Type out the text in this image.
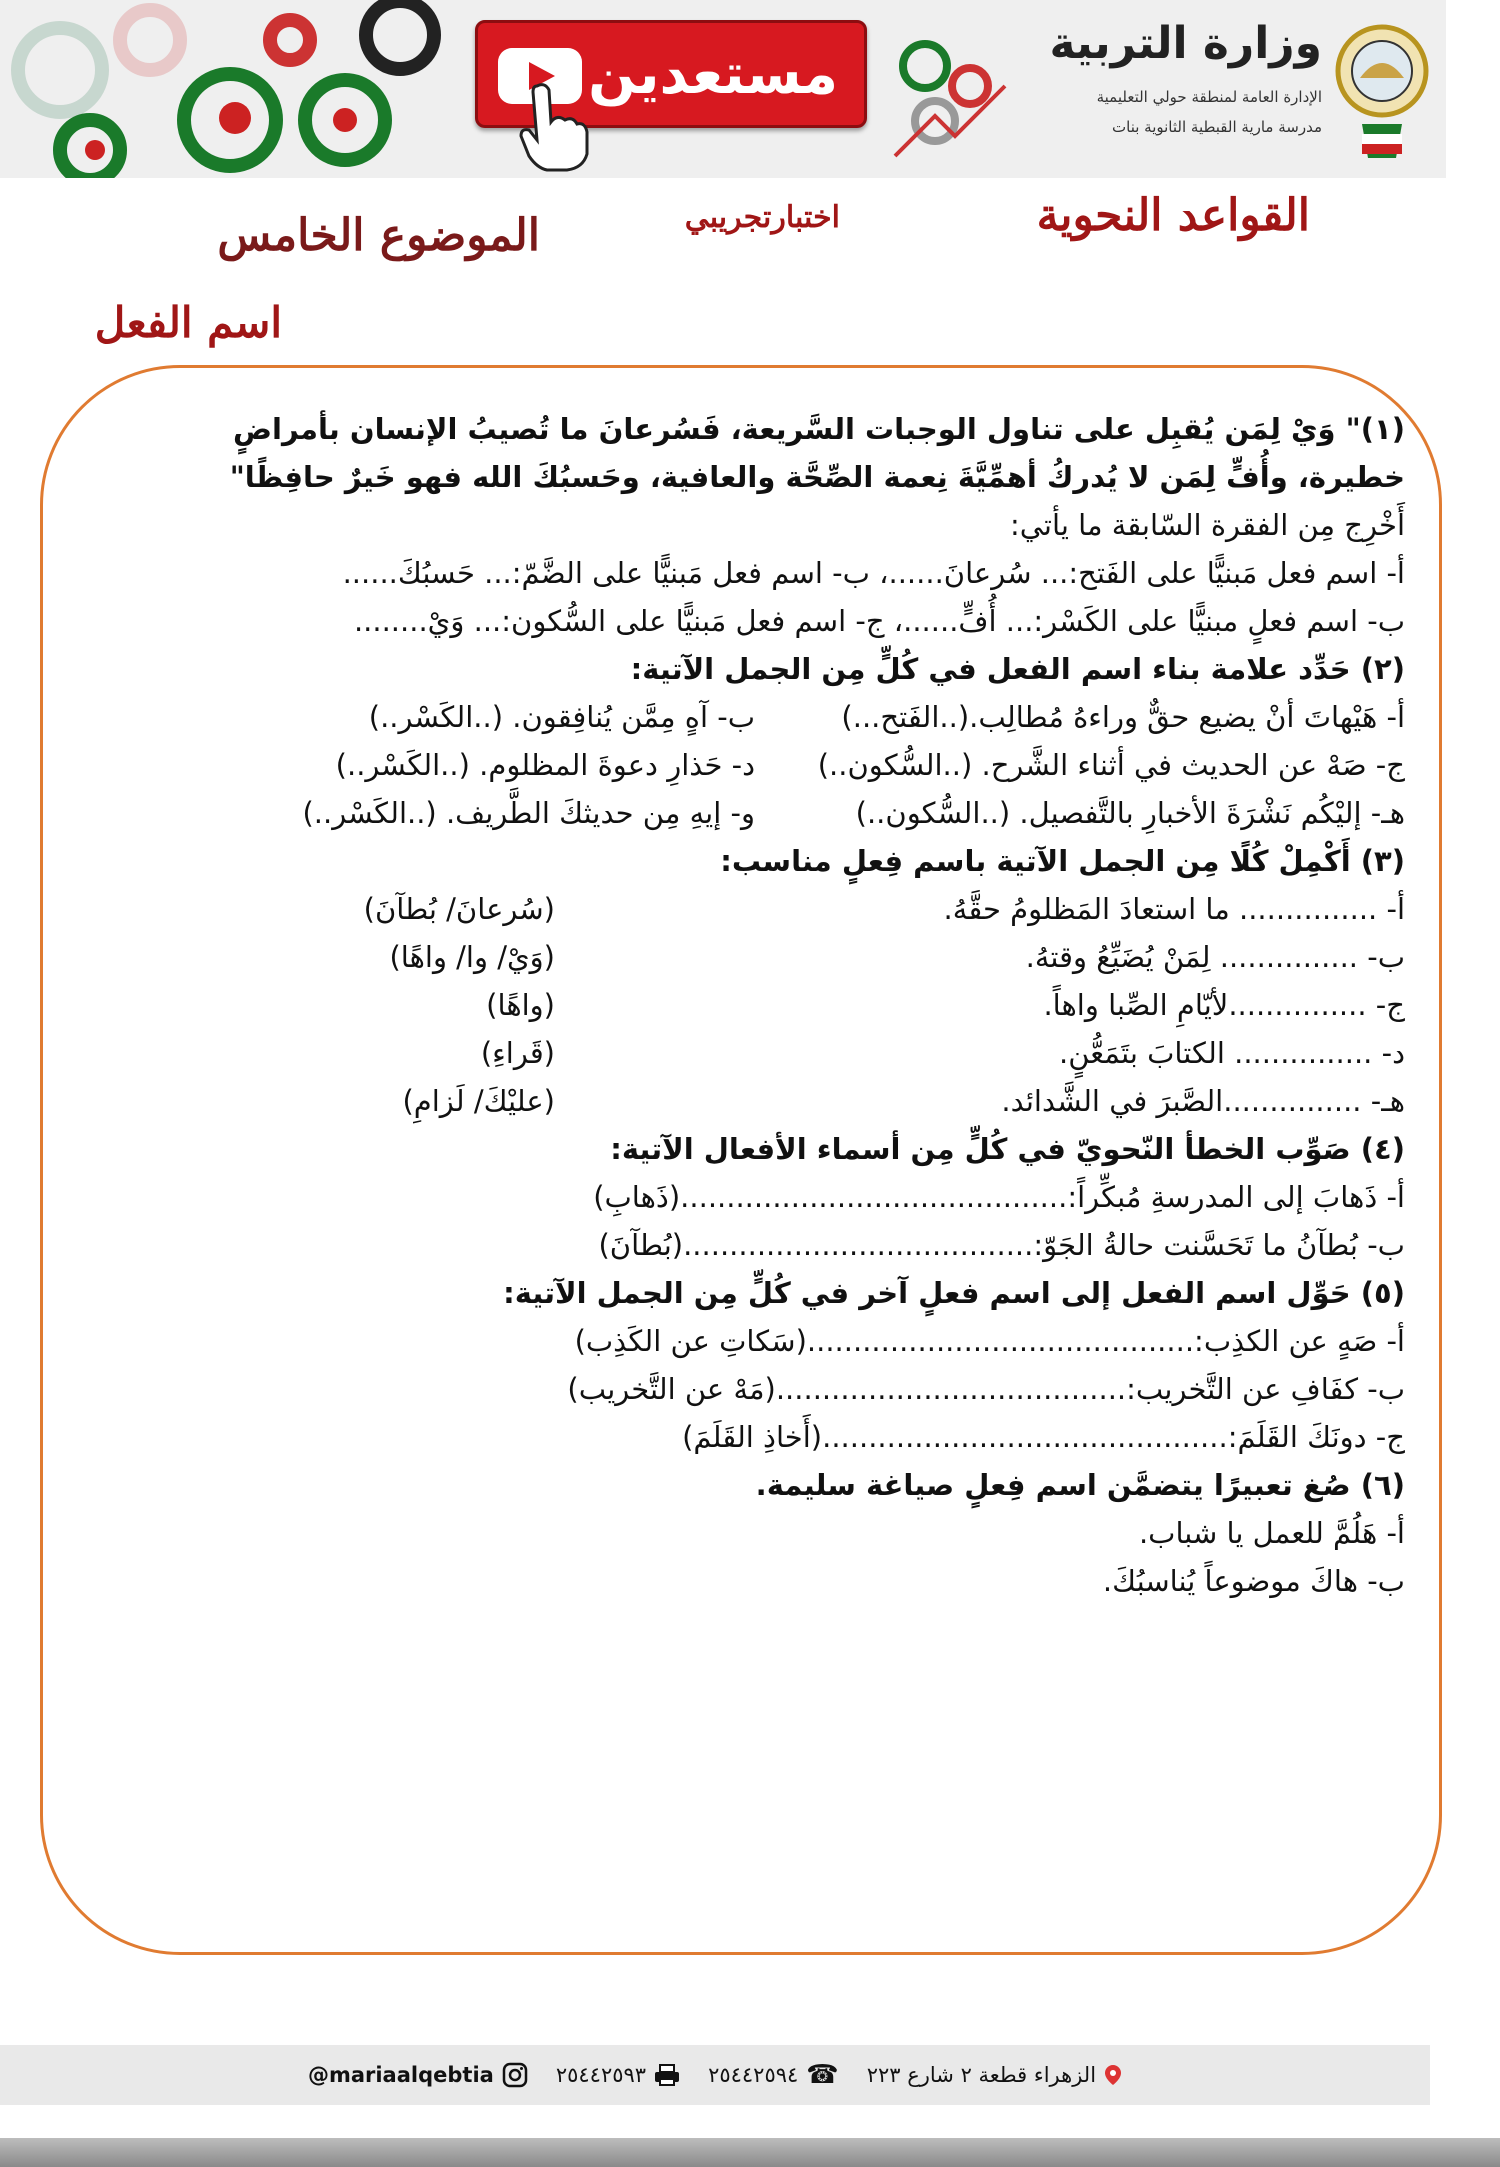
مستعدين	وزارة التربية
الإدارة العامة لمنطقة حولي التعليمية
مدرسة مارية القبطية الثانوية بنات
القواعد النحوية
اختبارتجريبي
الموضوع الخامس
اسم الفعل
(١)" وَيْ لِمَن يُقبِل على تناول الوجبات السَّريعة، فَسُرعانَ ما تُصيبُ الإنسان بأمراضٍ
خطيرة، وأُفٍّ لِمَن لا يُدركُ أهمِّيَّةَ نِعمة الصِّحَّة والعافية، وحَسبُكَ الله فهو خَيرٌ حافِظًا"
أَخْرِج مِن الفقرة السّابقة ما يأتي:
أ- اسم فعل مَبنيًّا على الفَتح:... سُرعانَ......، ب- اسم فعل مَبنيًّا على الضَّمّ:... حَسبُكَ......
ب- اسم فعلٍ مبنيًّا على الكَسْر:... أُفٍّ......، ج- اسم فعل مَبنيًّا على السُّكون:... وَيْ........
(٢) حَدِّد علامة بناء اسم الفعل في كُلٍّ مِن الجمل الآتية:
أ- هَيْهاتَ أنْ يضيع حقٌّ وراءهُ مُطالِب.(..الفَتح...)
ب- آهٍ مِمَّن يُنافِقون. (..الكَسْر..)
ج- صَهْ عن الحديث في أثناء الشَّرح. (..السُّكون..)
د- حَذارِ دعوةَ المظلوم. (..الكَسْر..)
هـ- إليْكُم نَشْرَةَ الأخبارِ بالتَّفصيل. (..السُّكون..)
و- إيهِ مِن حديثكَ الطَّريف. (..الكَسْر..)
(٣) أَكْمِلْ كُلًا مِن الجمل الآتية باسم فِعلٍ مناسب:
أ- ............... ما استعادَ المَظلومُ حقَّهُ.
(سُرعانَ/ بُطآنَ)
ب- ............... لِمَنْ يُضَيِّعُ وقتهُ.
(وَيْ/ وا/ واهًا)
ج- ...............لأيّامِ الصِّبا واهاً.
(واهًا)
د- ............... الكتابَ بتَمَعُّنٍ.
(قَراءِ)
هـ- ...............الصَّبرَ في الشَّدائد.
(عليْكَ/ لَزامِ)
(٤) صَوِّب الخطأ النّحويّ في كُلٍّ مِن أسماء الأفعال الآتية:
أ- ذَهابَ إلى المدرسةِ مُبكِّراً:..........................................(ذَهابِ)
ب- بُطآنُ ما تَحَسَّنت حالةُ الجَوّ:......................................(بُطآنَ)
(٥) حَوِّل اسم الفعل إلى اسم فعلٍ آخر في كُلٍّ مِن الجمل الآتية:
أ- صَهٍ عن الكذِب:..........................................(سَكاتِ عن الكَذِب)
ب- كفَافِ عن التَّخريب:......................................(مَهْ عن التَّخريب)
ج- دونَكَ القَلَمَ:............................................(أَخاذِ القَلَمَ)
(٦) صُغ تعبيرًا يتضمَّن اسم فِعلٍ صياغة سليمة.
أ- هَلُمَّ للعمل يا شباب.
ب- هاكَ موضوعاً يُناسبُكَ.
الزهراء قطعة ٢ شارع ٢٢٣
☎
٢٥٤٤٢٥٩٤
٢٥٤٤٢٥٩٣
@mariaalqebtia
